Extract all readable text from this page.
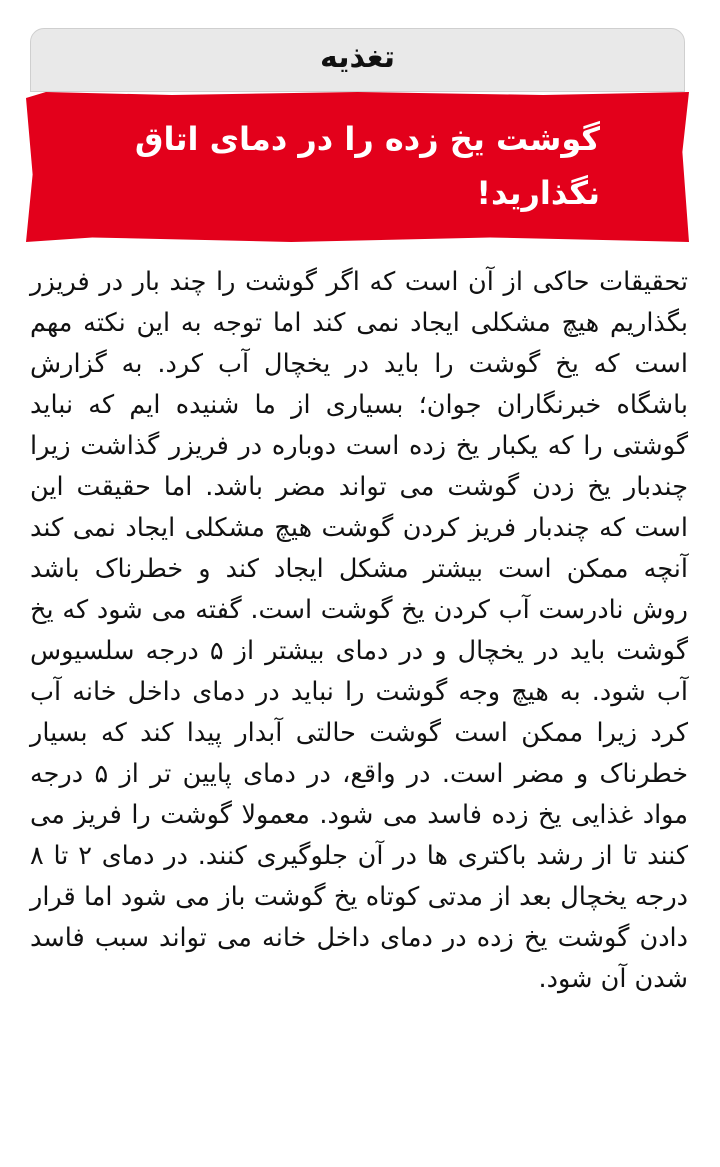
تغذیه
گوشت یخ زده را در دمای اتاق نگذارید!

تحقیقات حاکی از آن است که اگر گوشت را چند بار در فریزر بگذاریم هیچ مشکلی ایجاد نمی کند اما توجه به این نکته مهم است که یخ گوشت را باید در یخچال آب کرد. به گزارش باشگاه خبرنگاران جوان؛ بسیاری از ما شنیده ایم که نباید گوشتی را که یکبار یخ زده است دوباره در فریزر گذاشت زیرا چندبار یخ زدن گوشت می تواند مضر باشد. اما حقیقت این است که چندبار فریز کردن گوشت هیچ مشکلی ایجاد نمی کند آنچه ممکن است بیشتر مشکل ایجاد کند و خطرناک باشد روش نادرست آب کردن یخ گوشت است. گفته می شود که یخ گوشت باید در یخچال و در دمای بیشتر از ۵ درجه سلسیوس آب شود. به هیچ وجه گوشت را نباید در دمای داخل خانه آب کرد زیرا ممکن است گوشت حالتی آبدار پیدا کند که بسیار خطرناک و مضر است. در واقع، در دمای پایین تر از ۵ درجه مواد غذایی یخ زده فاسد می شود. معمولا گوشت را فریز می کنند تا از رشد باکتری ها در آن جلوگیری کنند. در دمای ۲ تا ۸ درجه یخچال بعد از مدتی کوتاه یخ گوشت باز می شود اما قرار دادن گوشت یخ زده در دمای داخل خانه می تواند سبب فاسد شدن آن شود.
